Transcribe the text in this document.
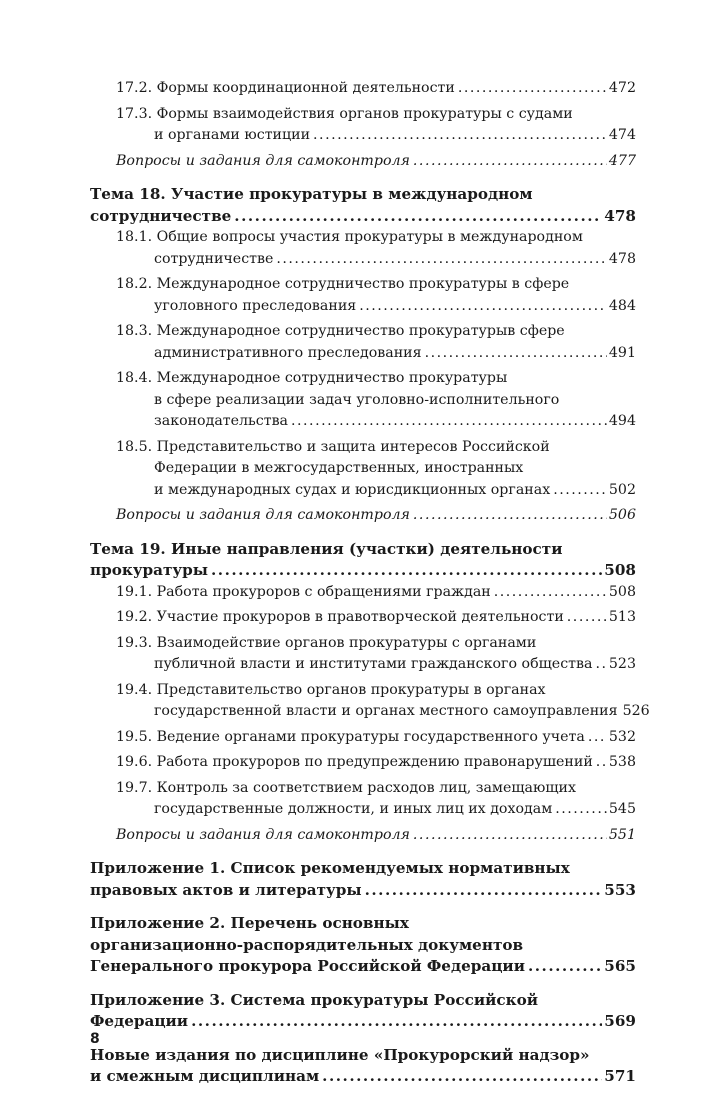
17.2. Формы координационной деятельности .....	472
17.3. Формы взаимодействия органов прокуратуры с судами
и органами юстиции .....	474
Вопросы и задания для самоконтроля .....	477
Тема 18. Участие прокуратуры в международном
сотрудничестве .....	478
18.1. Общие вопросы участия прокуратуры в международном
сотрудничестве .....	478
18.2. Международное сотрудничество прокуратуры в сфере
уголовного преследования .....	484
18.3. Международное сотрудничество прокуратурыв сфере
административного преследования .....	491
18.4. Международное сотрудничество прокуратуры
в сфере реализации задач уголовно-исполнительного
законодательства .....	494
18.5. Представительство и защита интересов Российской
Федерации в межгосударственных, иностранных
и международных судах и юрисдикционных органах .....	502
Вопросы и задания для самоконтроля .....	506
Тема 19. Иные направления (участки) деятельности
прокуратуры .....	508
19.1. Работа прокуроров с обращениями граждан .....	508
19.2. Участие прокуроров в правотворческой деятельности .....	513
19.3. Взаимодействие органов прокуратуры с органами
публичной власти и институтами гражданского общества ..... 523
19.4. Представительство органов прокуратуры в органах
государственной власти и органах местного самоуправления 526
19.5. Ведение органами прокуратуры государственного учета ..... 532
19.6. Работа прокуроров по предупреждению правонарушений ..... 538
19.7. Контроль за соответствием расходов лиц, замещающих
государственные должности, и иных лиц их доходам .....	545
Вопросы и задания для самоконтроля .....	551
Приложение 1. Список рекомендуемых нормативных
правовых актов и литературы .....	553
Приложение 2. Перечень основных
организационно-распорядительных документов
Генерального прокурора Российской Федерации .....	565
Приложение 3. Система прокуратуры Российской
Федерации .....	569
Новые издания по дисциплине «Прокурорский надзор»
и смежным дисциплинам .....	571
8
